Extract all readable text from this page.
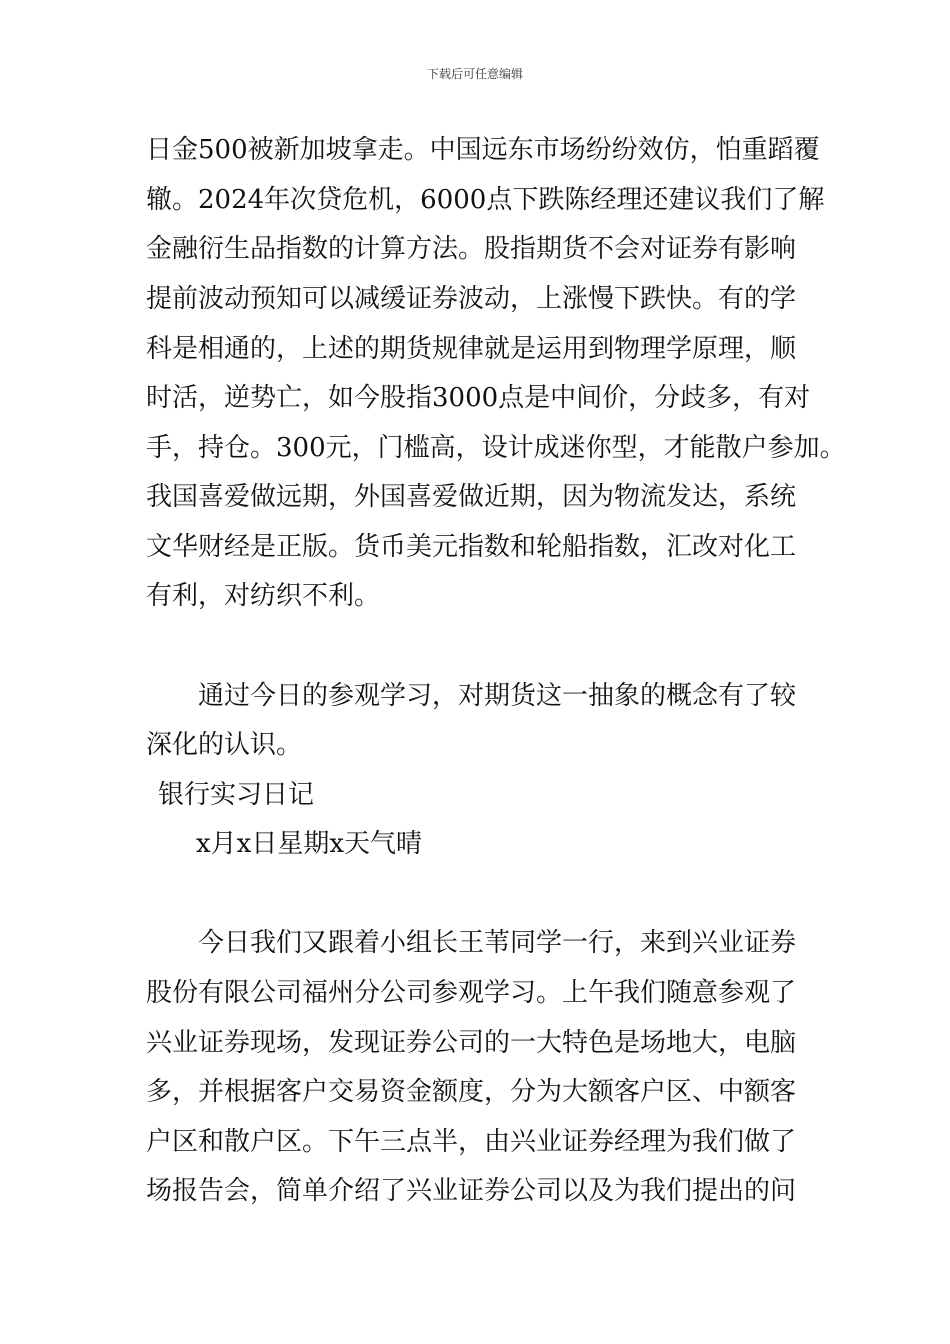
下载后可任意编辑
日金500被新加坡拿走。中国远东市场纷纷效仿，怕重蹈覆
辙。2024年次贷危机，6000点下跌陈经理还建议我们了解
金融衍生品指数的计算方法。股指期货不会对证券有影响
提前波动预知可以减缓证券波动，上涨慢下跌快。有的学
科是相通的，上述的期货规律就是运用到物理学原理，顺
时活，逆势亡，如今股指3000点是中间价，分歧多，有对
手，持仓。300元，门槛高，设计成迷你型，才能散户参加。
我国喜爱做远期，外国喜爱做近期，因为物流发达，系统
文华财经是正版。货币美元指数和轮船指数，汇改对化工
有利，对纺织不利。
通过今日的参观学习，对期货这一抽象的概念有了较
深化的认识。
银行实习日记
x月x日星期x天气晴
今日我们又跟着小组长王苇同学一行，来到兴业证券
股份有限公司福州分公司参观学习。上午我们随意参观了
兴业证券现场，发现证券公司的一大特色是场地大，电脑
多，并根据客户交易资金额度，分为大额客户区、中额客
户区和散户区。下午三点半，由兴业证券经理为我们做了
场报告会，简单介绍了兴业证券公司以及为我们提出的问
